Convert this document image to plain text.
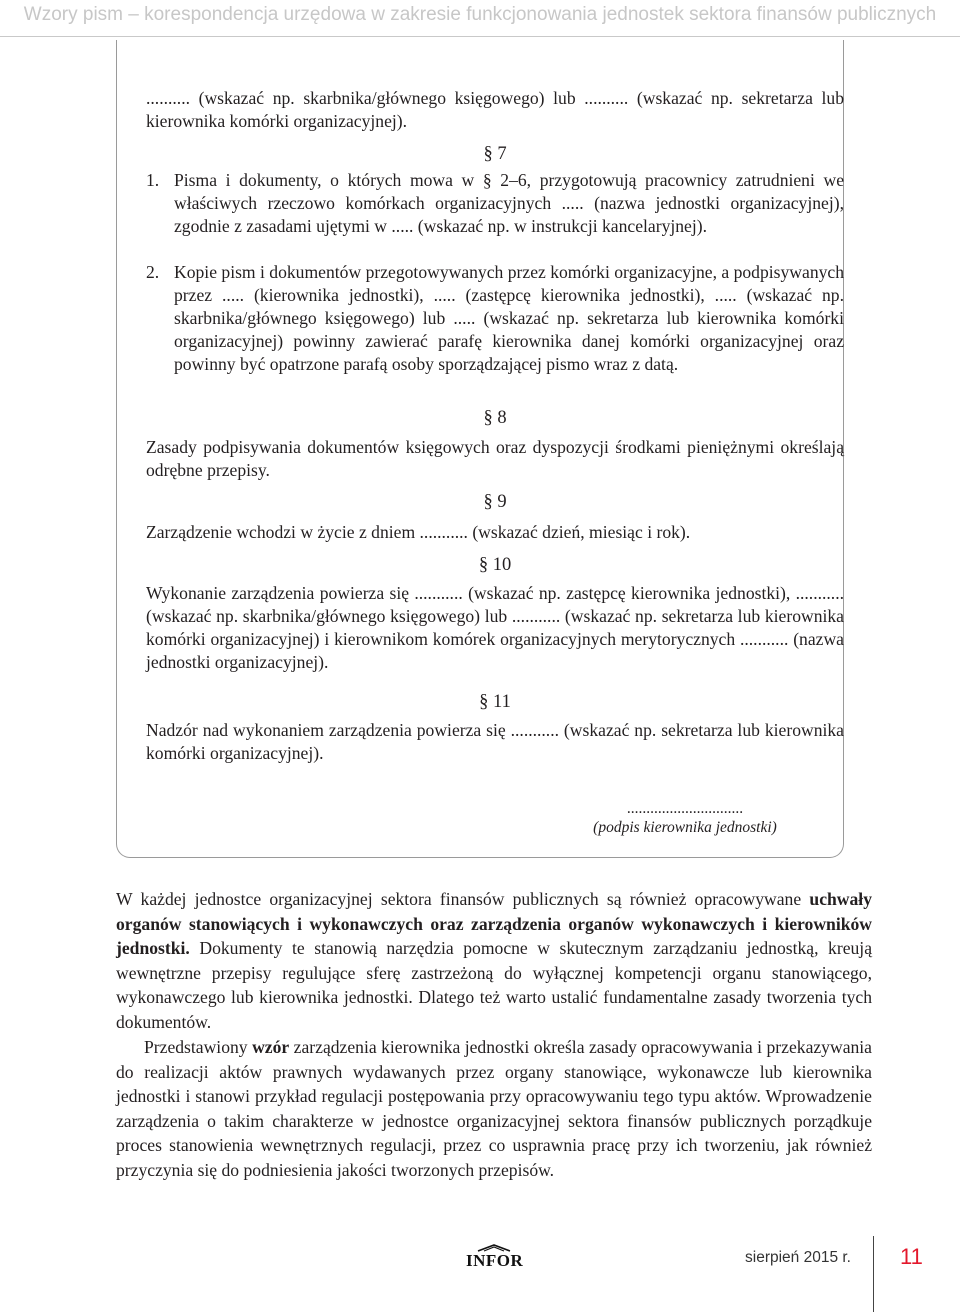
Wzory pism – korespondencja urzędowa w zakresie funkcjonowania jednostek sektora finansów publicznych
.......... (wskazać np. skarbnika/głównego księgowego) lub .......... (wskazać np. sekretarza lub kierownika komórki organizacyjnej).
§ 7
1. Pisma i dokumenty, o których mowa w § 2–6, przygotowują pracownicy zatrudnieni we właściwych rzeczowo komórkach organizacyjnych ..... (nazwa jednostki organizacyjnej), zgodnie z zasadami ujętymi w ..... (wskazać np. w instrukcji kancelaryjnej).
2. Kopie pism i dokumentów przegotowywanych przez komórki organizacyjne, a podpisywanych przez ..... (kierownika jednostki), ..... (zastępcę kierownika jednostki), ..... (wskazać np. skarbnika/głównego księgowego) lub ..... (wskazać np. sekretarza lub kierownika komórki organizacyjnej) powinny zawierać parafę kierownika danej komórki organizacyjnej oraz powinny być opatrzone parafą osoby sporządzającej pismo wraz z datą.
§ 8
Zasady podpisywania dokumentów księgowych oraz dyspozycji środkami pieniężnymi określają odrębne przepisy.
§ 9
Zarządzenie wchodzi w życie z dniem ........... (wskazać dzień, miesiąc i rok).
§ 10
Wykonanie zarządzenia powierza się ........... (wskazać np. zastępcę kierownika jednostki), ........... (wskazać np. skarbnika/głównego księgowego) lub ........... (wskazać np. sekretarza lub kierownika komórki organizacyjnej) i kierownikom komórek organizacyjnych merytorycznych ........... (nazwa jednostki organizacyjnej).
§ 11
Nadzór nad wykonaniem zarządzenia powierza się ........... (wskazać np. sekretarza lub kierownika komórki organizacyjnej).
..............................
(podpis kierownika jednostki)

W każdej jednostce organizacyjnej sektora finansów publicznych są również opracowywane uchwały organów stanowiących i wykonawczych oraz zarządzenia organów wykonawczych i kierowników jednostki. Dokumenty te stanowią narzędzia pomocne w skutecznym zarządzaniu jednostką, kreują wewnętrzne przepisy regulujące sferę zastrzeżoną do wyłącznej kompetencji organu stanowiącego, wykonawczego lub kierownika jednostki. Dlatego też warto ustalić fundamentalne zasady tworzenia tych dokumentów.

Przedstawiony wzór zarządzenia kierownika jednostki określa zasady opracowywania i przekazywania do realizacji aktów prawnych wydawanych przez organy stanowiące, wykonawcze lub kierownika jednostki i stanowi przykład regulacji postępowania przy opracowywaniu tego typu aktów. Wprowadzenie zarządzenia o takim charakterze w jednostce organizacyjnej sektora finansów publicznych porządkuje proces stanowienia wewnętrznych regulacji, przez co usprawnia pracę przy ich tworzeniu, jak również przyczynia się do podniesienia jakości tworzonych przepisów.

INFOR	sierpień 2015 r. 11
